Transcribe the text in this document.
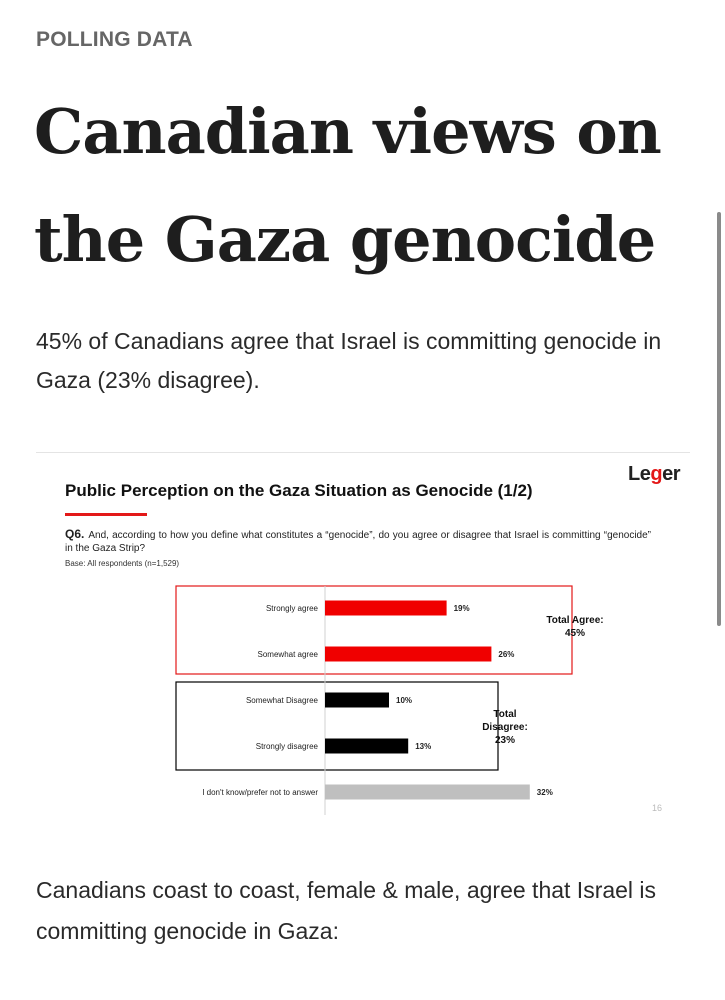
POLLING DATA
Canadian views on the Gaza genocide

45% of Canadians agree that Israel is committing genocide in Gaza (23% disagree).

Public Perception on the Gaza Situation as Genocide (1/2)
Leger
Q6. And, according to how you define what constitutes a “genocide”, do you agree or disagree that Israel is committing “genocide” in the Gaza Strip?
Base: All respondents (n=1,529)
Strongly agree
Somewhat agree
Somewhat Disagree
Strongly disagree
I don't know/prefer not to answer
19%
26%
10%
13%
32%
Total Agree:
45%
Total
Disagree:
23%
16

Canadians coast to coast, female & male, agree that Israel is committing genocide in Gaza:
